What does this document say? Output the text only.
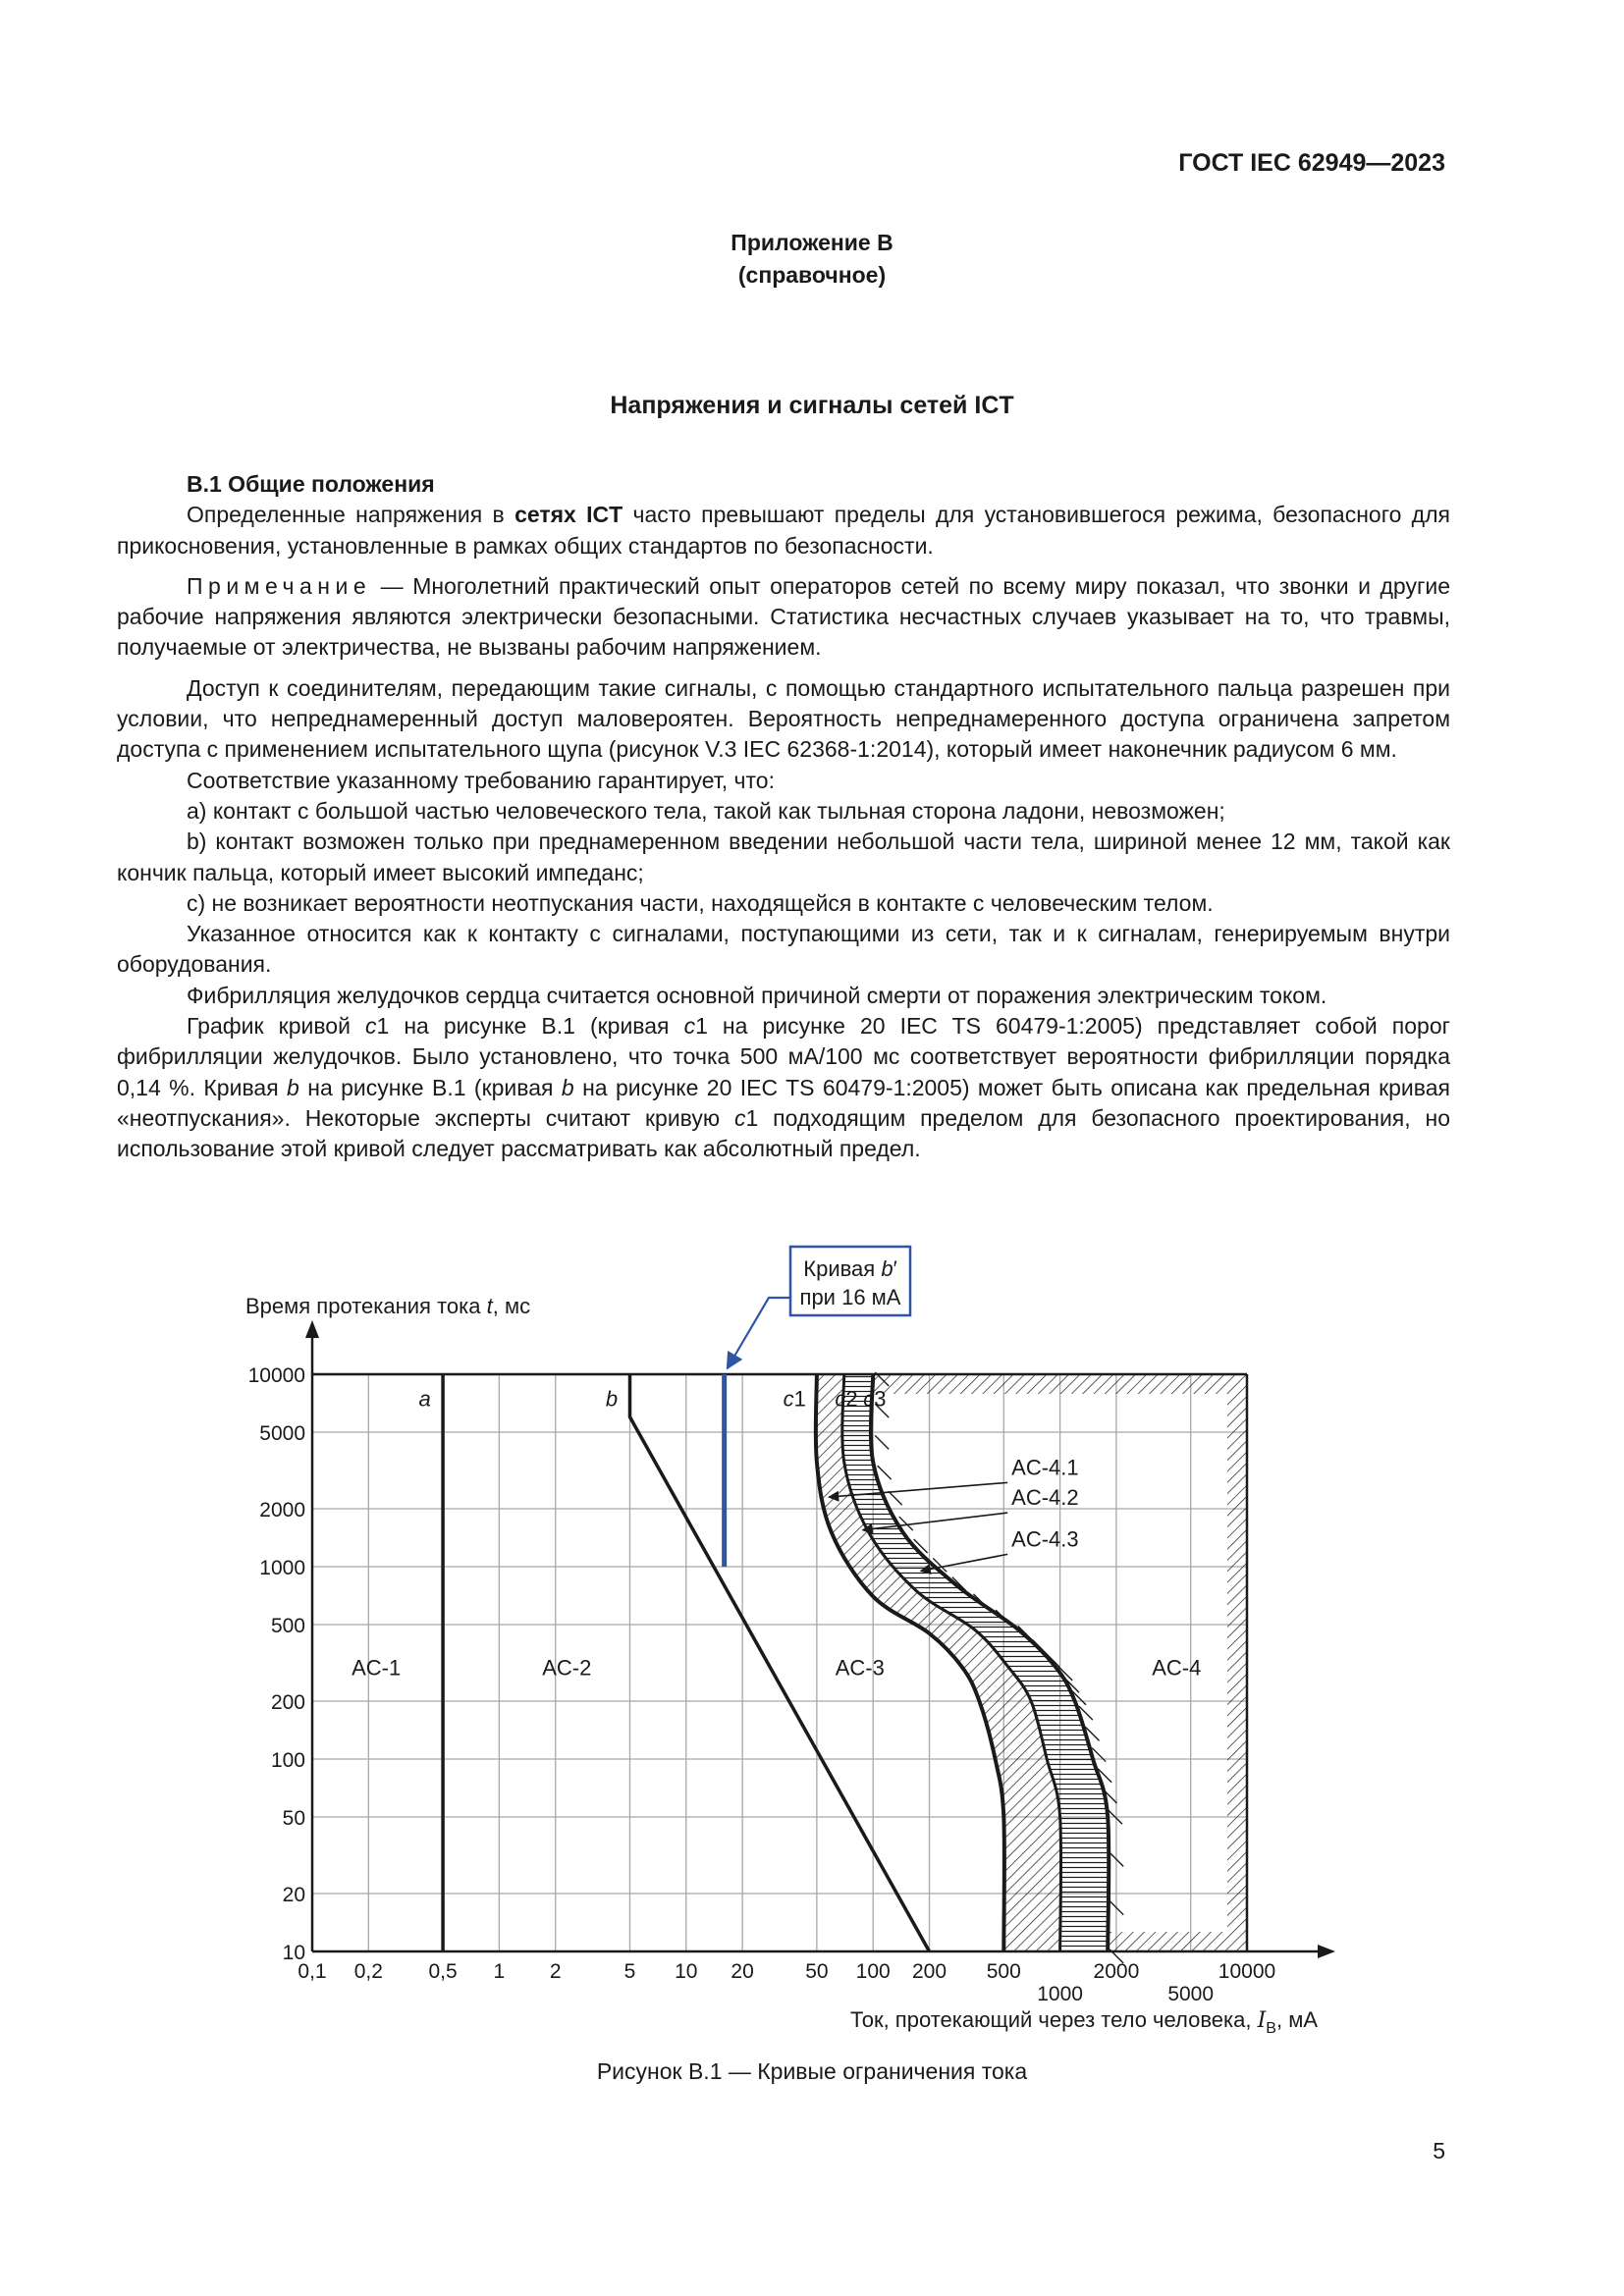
ГОСТ IEC 62949—2023
Приложение В
(справочное)
Напряжения и сигналы сетей ICT
В.1 Общие положения

Определенные напряжения в сетях ICT часто превышают пределы для установившегося режима, безопасного для прикосновения, установленные в рамках общих стандартов по безопасности.

Примечание — Многолетний практический опыт операторов сетей по всему миру показал, что звонки и другие рабочие напряжения являются электрически безопасными. Статистика несчастных случаев указывает на то, что травмы, получаемые от электричества, не вызваны рабочим напряжением.

Доступ к соединителям, передающим такие сигналы, с помощью стандартного испытательного пальца разрешен при условии, что непреднамеренный доступ маловероятен. Вероятность непреднамеренного доступа ограничена запретом доступа с применением испытательного щупа (рисунок V.3 IEC 62368-1:2014), который имеет наконечник радиусом 6 мм.

Соответствие указанному требованию гарантирует, что:

а) контакт с большой частью человеческого тела, такой как тыльная сторона ладони, невозможен;

b) контакт возможен только при преднамеренном введении небольшой части тела, шириной менее 12 мм, такой как кончик пальца, который имеет высокий импеданс;

с) не возникает вероятности неотпускания части, находящейся в контакте с человеческим телом.

Указанное относится как к контакту с сигналами, поступающими из сети, так и к сигналам, генерируемым внутри оборудования.

Фибрилляция желудочков сердца считается основной причиной смерти от поражения электрическим током.

График кривой с1 на рисунке В.1 (кривая с1 на рисунке 20 IEC TS 60479-1:2005) представляет собой порог фибрилляции желудочков. Было установлено, что точка 500 мА/100 мс соответствует вероятности фибрилляции порядка 0,14 %. Кривая b на рисунке В.1 (кривая b на рисунке 20 IEC TS 60479-1:2005) может быть описана как предельная кривая «неотпускания». Некоторые эксперты считают кривую с1 подходящим пределом для безопасного проектирования, но использование этой кривой следует рассматривать как абсолютный предел.

0,1 0,2 0,5 1 2	5 10 20 50 100 200 500
1000
2000
5000
10000
10
20
50
100
200
500
1000
2000
5000
10000
Время протекания тока t, мс
Ток, протекающий через тело человека, $I_B$, мА
a	b	c1 c2 c3
AC-1	AC-2	AC-3	AC-4
AC-4.1
AC-4.2
AC-4.3
Кривая b′
при 16 мА
Рисунок В.1 — Кривые ограничения тока
5
